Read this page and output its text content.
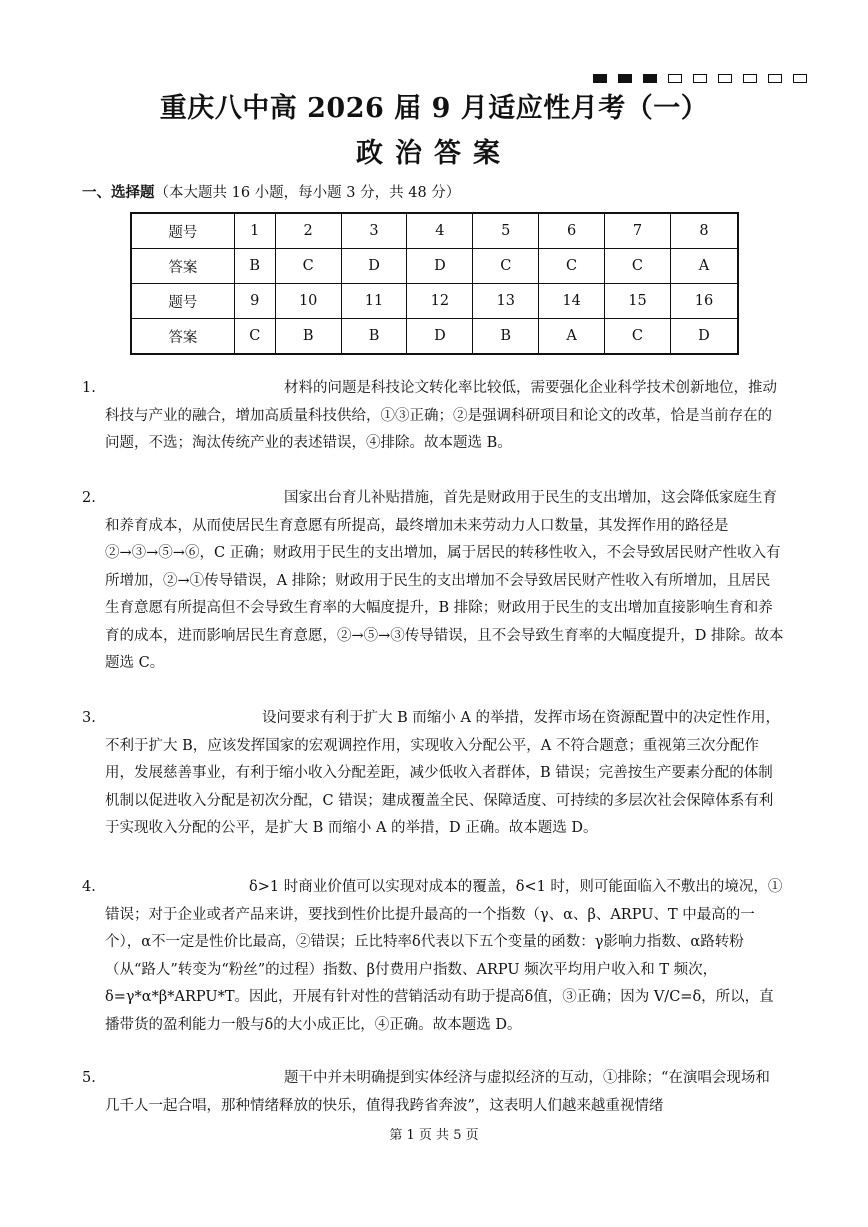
重庆八中高 2026 届 9 月适应性月考（一）
政治答案
一、选择题（本大题共 16 小题，每小题 3 分，共 48 分）
题号	1	2	3	4	5	6	7	8
答案	B	C	D	D	C	C	C	A
题号	9	10	11	12	13	14	15	16
答案	C	B	B	D	B	A	C	D
1.	材料的问题是科技论文转化率比较低，需要强化企业科学技术创新地位，推动科技与产业的融合，增加高质量科技供给，①③正确；②是强调科研项目和论文的改革，恰是当前存在的问题，不选；淘汰传统产业的表述错误，④排除。故本题选 B。
2.	国家出台育儿补贴措施，首先是财政用于民生的支出增加，这会降低家庭生育和养育成本，从而使居民生育意愿有所提高，最终增加未来劳动力人口数量，其发挥作用的路径是②→③→⑤→⑥，C 正确；财政用于民生的支出增加，属于居民的转移性收入，不会导致居民财产性收入有所增加，②→①传导错误，A 排除；财政用于民生的支出增加不会导致居民财产性收入有所增加，且居民生育意愿有所提高但不会导致生育率的大幅度提升，B 排除；财政用于民生的支出增加直接影响生育和养育的成本，进而影响居民生育意愿，②→⑤→③传导错误，且不会导致生育率的大幅度提升，D 排除。故本题选 C。
3.	设问要求有利于扩大 B 而缩小 A 的举措，发挥市场在资源配置中的决定性作用，不利于扩大 B，应该发挥国家的宏观调控作用，实现收入分配公平，A 不符合题意；重视第三次分配作用，发展慈善事业，有利于缩小收入分配差距，减少低收入者群体，B 错误；完善按生产要素分配的体制机制以促进收入分配是初次分配，C 错误；建成覆盖全民、保障适度、可持续的多层次社会保障体系有利于实现收入分配的公平，是扩大 B 而缩小 A 的举措，D 正确。故本题选 D。
4.	δ>1 时商业价值可以实现对成本的覆盖，δ<1 时，则可能面临入不敷出的境况，①错误；对于企业或者产品来讲，要找到性价比提升最高的一个指数（γ、α、β、ARPU、T 中最高的一个），α不一定是性价比最高，②错误；丘比特率δ代表以下五个变量的函数：γ影响力指数、α路转粉（从“路人”转变为“粉丝”的过程）指数、β付费用户指数、ARPU 频次平均用户收入和 T 频次，δ=γ*α*β*ARPU*T。因此，开展有针对性的营销活动有助于提高δ值，③正确；因为 V/C=δ，所以，直播带货的盈利能力一般与δ的大小成正比，④正确。故本题选 D。
5.	题干中并未明确提到实体经济与虚拟经济的互动，①排除；“在演唱会现场和几千人一起合唱，那种情绪释放的快乐，值得我跨省奔波”，这表明人们越来越重视情绪
第 1 页 共 5 页
